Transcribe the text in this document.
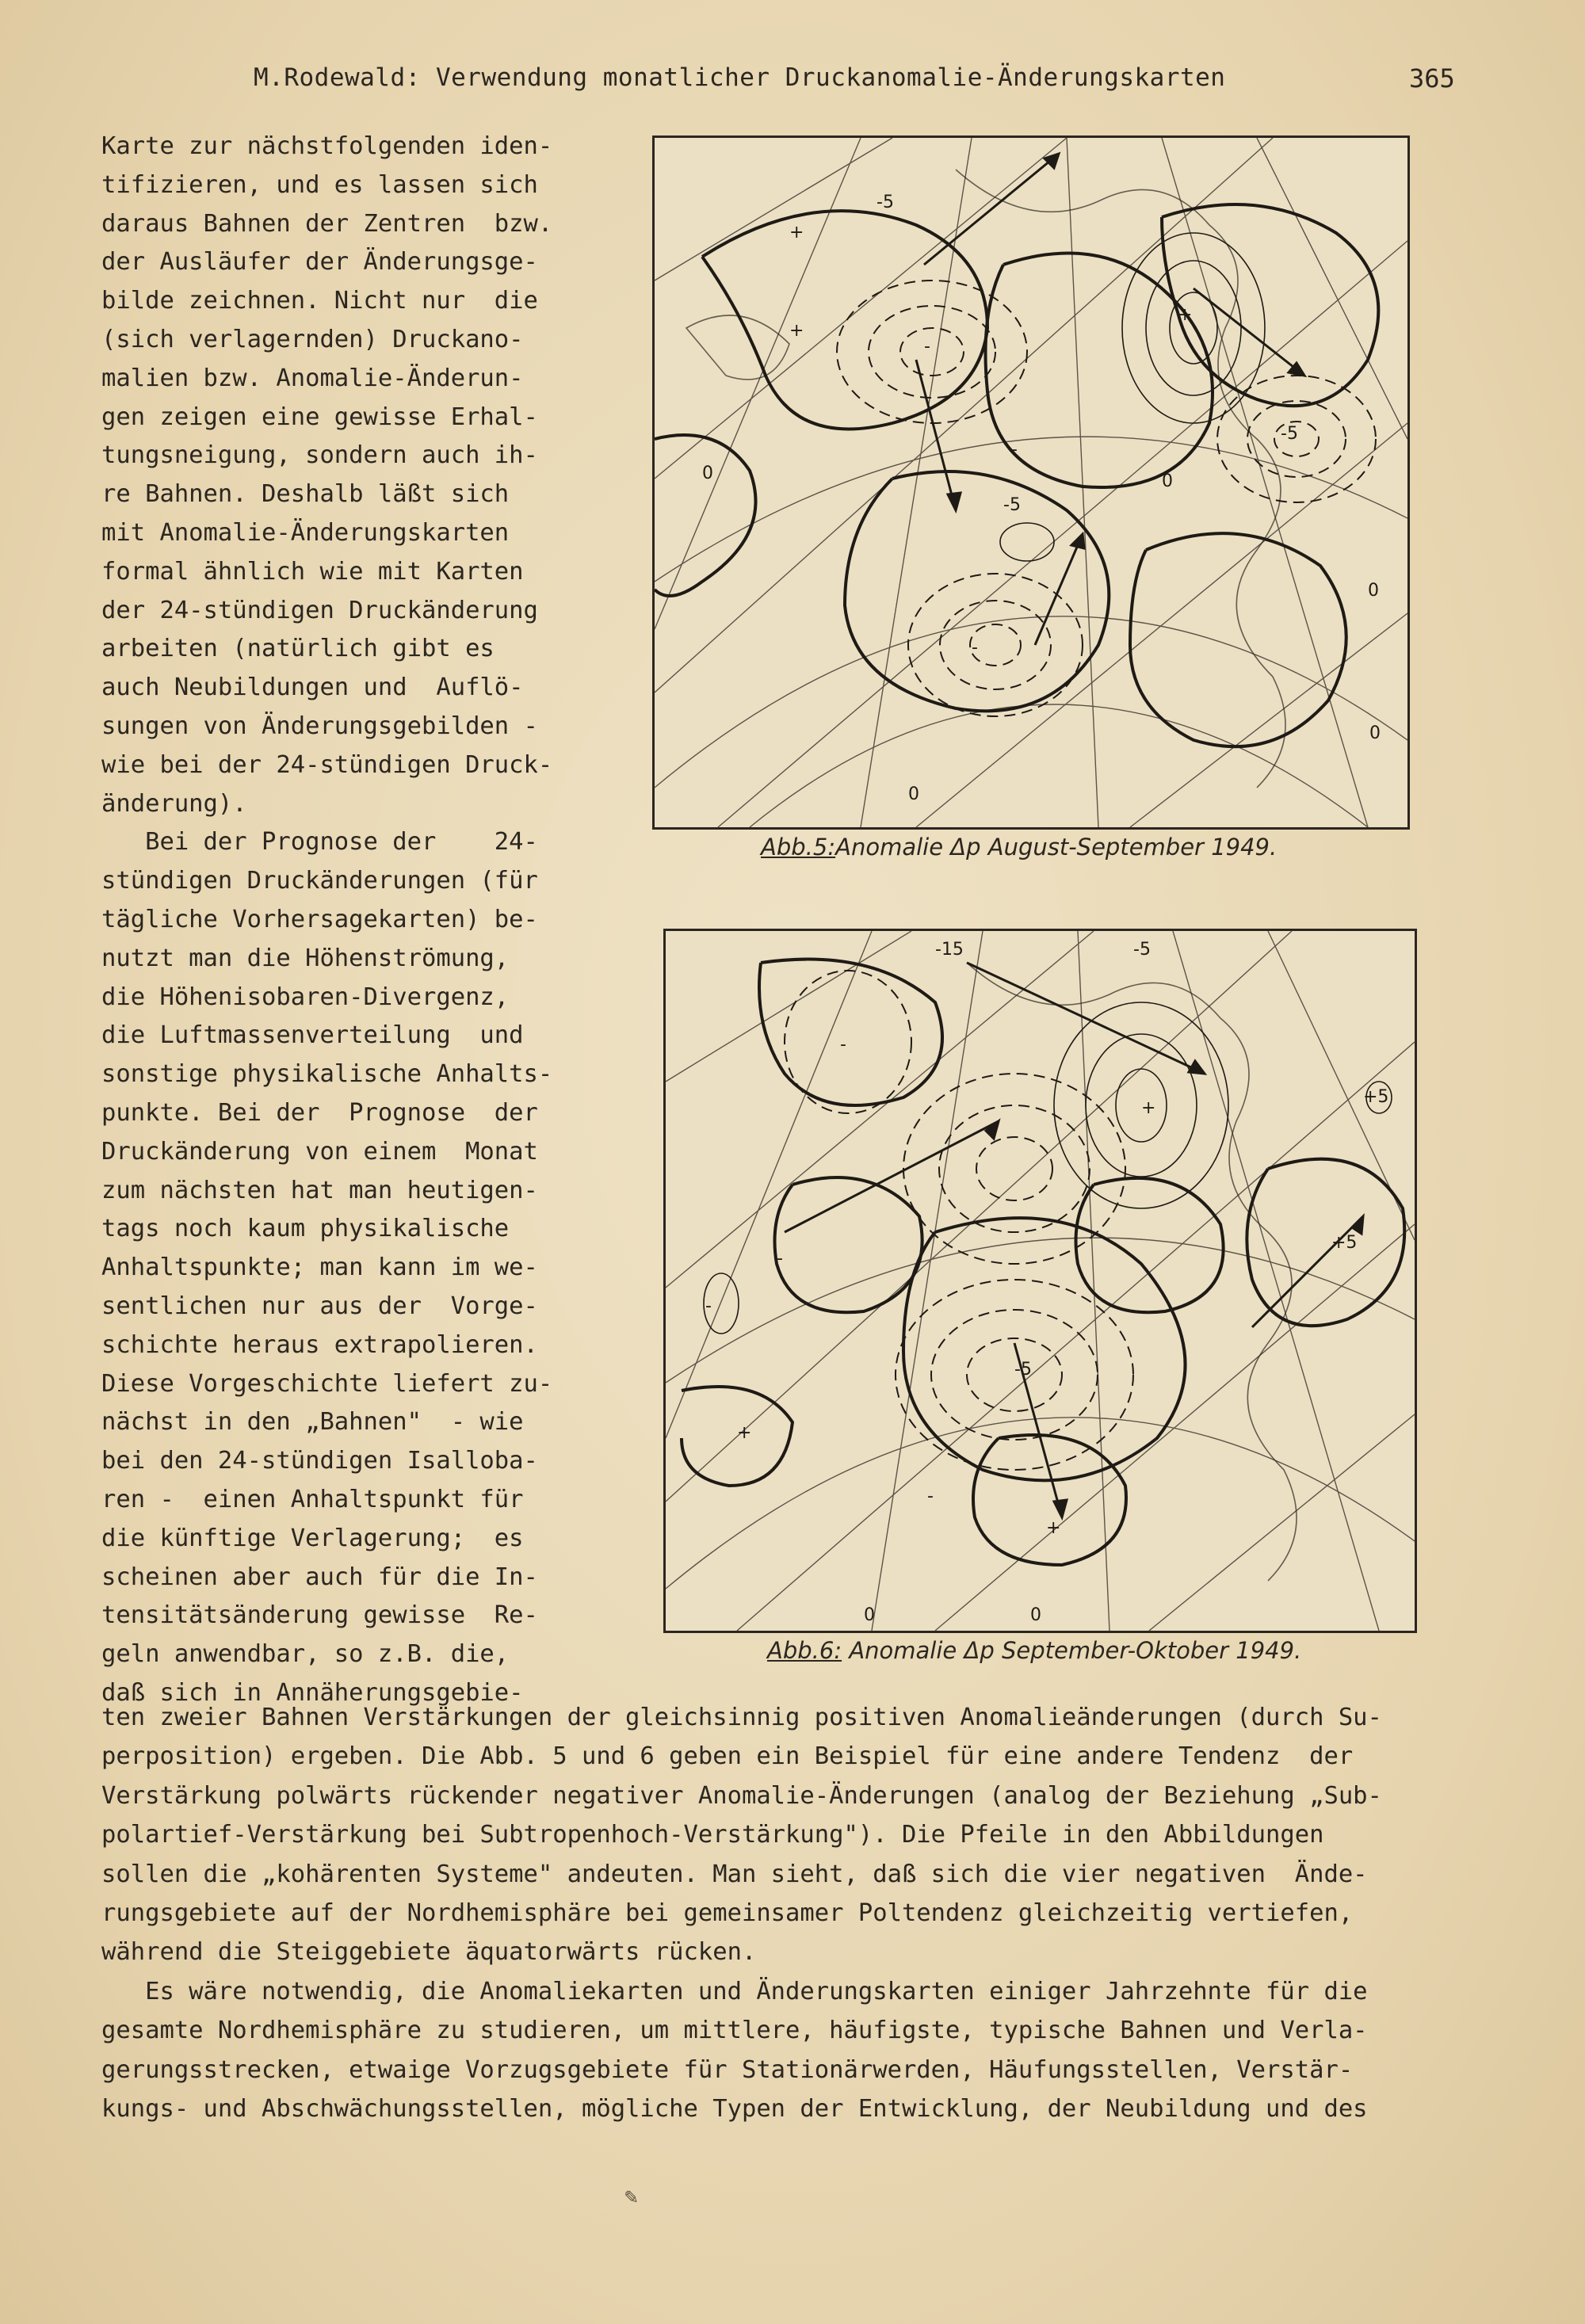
M.Rodewald: Verwendung monatlicher Druckanomalie-Änderungskarten	365
Karte zur nächstfolgenden iden-
tifizieren, und es lassen sich
daraus Bahnen der Zentren  bzw.
der Ausläufer der Änderungsge-
bilde zeichnen. Nicht nur  die
(sich verlagernden) Druckano-
malien bzw. Anomalie-Änderun-
gen zeigen eine gewisse Erhal-
tungsneigung, sondern auch ih-
re Bahnen. Deshalb läßt sich
mit Anomalie-Änderungskarten
formal ähnlich wie mit Karten
der 24-stündigen Druckänderung
arbeiten (natürlich gibt es
auch Neubildungen und  Auflö-
sungen von Änderungsgebilden -
wie bei der 24-stündigen Druck-
änderung).
Bei der Prognose der    24-
stündigen Druckänderungen (für
tägliche Vorhersagekarten) be-
nutzt man die Höhenströmung,
die Höhenisobaren-Divergenz,
die Luftmassenverteilung  und
sonstige physikalische Anhalts-
punkte. Bei der  Prognose  der
Druckänderung von einem  Monat
zum nächsten hat man heutigen-
tags noch kaum physikalische
Anhaltspunkte; man kann im we-
sentlichen nur aus der  Vorge-
schichte heraus extrapolieren.
Diese Vorgeschichte liefert zu-
nächst in den „Bahnen"  - wie
bei den 24-stündigen Isalloba-
ren -  einen Anhaltspunkt für
die künftige Verlagerung;  es
scheinen aber auch für die In-
tensitätsänderung gewisse  Re-
geln anwendbar, so z.B. die,
daß sich in Annäherungsgebie-
ten zweier Bahnen Verstärkungen der gleichsinnig positiven Anomalieänderungen (durch Su-
perposition) ergeben. Die Abb. 5 und 6 geben ein Beispiel für eine andere Tendenz  der
Verstärkung polwärts rückender negativer Anomalie-Änderungen (analog der Beziehung „Sub-
polartief-Verstärkung bei Subtropenhoch-Verstärkung"). Die Pfeile in den Abbildungen
sollen die „kohärenten Systeme" andeuten. Man sieht, daß sich die vier negativen  Ände-
rungsgebiete auf der Nordhemisphäre bei gemeinsamer Poltendenz gleichzeitig vertiefen,
während die Steiggebiete äquatorwärts rücken.
Es wäre notwendig, die Anomaliekarten und Änderungskarten einiger Jahrzehnte für die
gesamte Nordhemisphäre zu studieren, um mittlere, häufigste, typische Bahnen und Verla-
gerungsstrecken, etwaige Vorzugsgebiete für Stationärwerden, Häufungsstellen, Verstär-
kungs- und Abschwächungsstellen, mögliche Typen der Entwicklung, der Neubildung und des
-5
+
+
-
-5
-
0
0
0
0
-
-5
+
0
Abb.5:Anomalie Δp August-September 1949.
-15	-5
-
-
-5
+
+5
-
+
+5
-
+
0	0
Abb.6: Anomalie Δp September-Oktober 1949.
✎
